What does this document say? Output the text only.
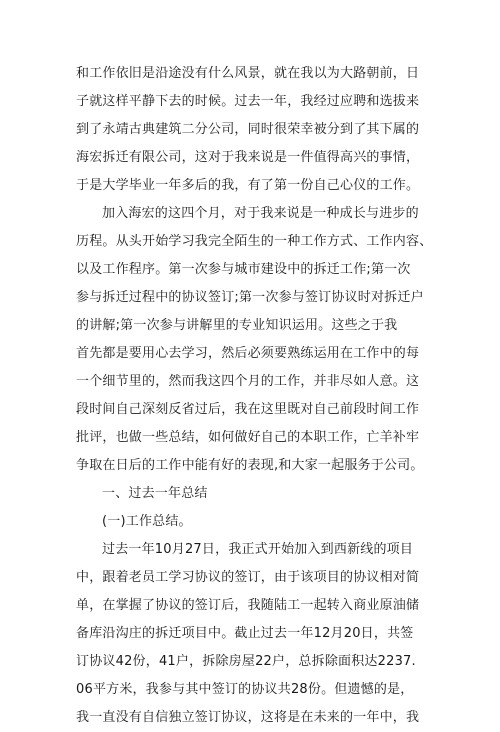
和工作依旧是沿途没有什么风景，就在我以为大路朝前，日
子就这样平静下去的时候。过去一年，我经过应聘和选拔来
到了永靖古典建筑二分公司，同时很荣幸被分到了其下属的
海宏拆迁有限公司，这对于我来说是一件值得高兴的事情，
于是大学毕业一年多后的我，有了第一份自己心仪的工作。
加入海宏的这四个月，对于我来说是一种成长与进步的
历程。从头开始学习我完全陌生的一种工作方式、工作内容、
以及工作程序。第一次参与城市建设中的拆迁工作;第一次
参与拆迁过程中的协议签订;第一次参与签订协议时对拆迁户
的讲解;第一次参与讲解里的专业知识运用。这些之于我
首先都是要用心去学习，然后必须要熟练运用在工作中的每
一个细节里的，然而我这四个月的工作，并非尽如人意。这
段时间自己深刻反省过后，我在这里既对自己前段时间工作
批评，也做一些总结，如何做好自己的本职工作，亡羊补牢
争取在日后的工作中能有好的表现,和大家一起服务于公司。
一、过去一年总结
(一)工作总结。
过去一年10月27日，我正式开始加入到西新线的项目
中，跟着老员工学习协议的签订，由于该项目的协议相对简
单，在掌握了协议的签订后，我随陆工一起转入商业原油储
备库沿沟庄的拆迁项目中。截止过去一年12月20日，共签
订协议42份，41户，拆除房屋22户，总拆除面积达2237.
06平方米，我参与其中签订的协议共28份。但遗憾的是，
我一直没有自信独立签订协议，这将是在未来的一年中，我
